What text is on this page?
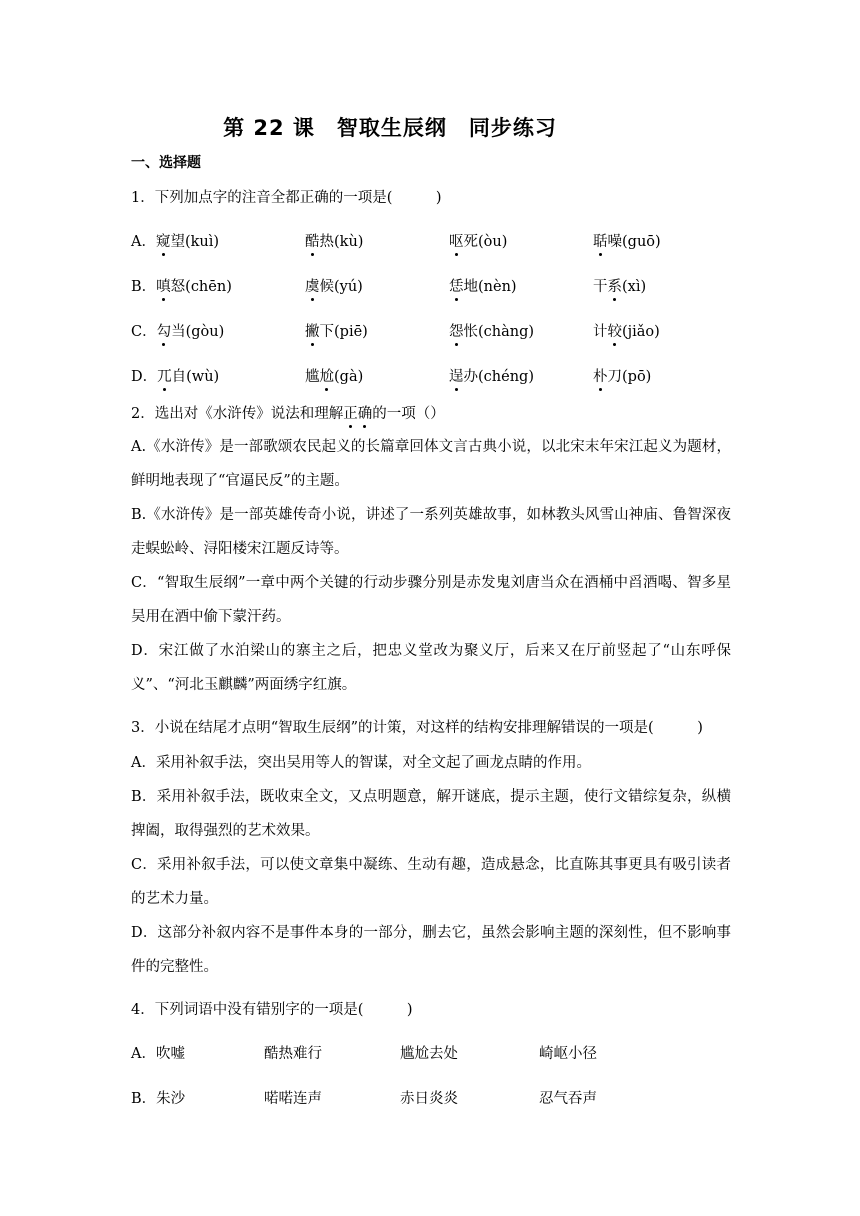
第 22 课　智取生辰纲　同步练习
一、选择题
1．下列加点字的注音全都正确的一项是(　　　)
A．窥望(kuì)	酷热(kù)	呕死(òu)	聒噪(guō)
B．嗔怒(chēn)	虞候(yú)	恁地(nèn)	干系(xì)
C．勾当(gòu)	撇下(piē)	怨怅(chàng)	计较(jiǎo)
D．兀自(wù)	尴尬(gà)	逞办(chéng)	朴刀(pō)
2．选出对《水浒传》说法和理解正确的一项（）
A.《水浒传》是一部歌颂农民起义的长篇章回体文言古典小说，以北宋末年宋江起义为题材，鲜明地表现了“官逼民反”的主题。
B.《水浒传》是一部英雄传奇小说，讲述了一系列英雄故事，如林教头风雪山神庙、鲁智深夜走蜈蚣岭、浔阳楼宋江题反诗等。
C．“智取生辰纲”一章中两个关键的行动步骤分别是赤发鬼刘唐当众在酒桶中舀酒喝、智多星吴用在酒中偷下蒙汗药。
D．宋江做了水泊梁山的寨主之后，把忠义堂改为聚义厅，后来又在厅前竖起了“山东呼保义”、“河北玉麒麟”两面绣字红旗。
3．小说在结尾才点明“智取生辰纲”的计策，对这样的结构安排理解错误的一项是(　　　)
A．采用补叙手法，突出吴用等人的智谋，对全文起了画龙点睛的作用。
B．采用补叙手法，既收束全文，又点明题意，解开谜底，提示主题，使行文错综复杂，纵横捭阖，取得强烈的艺术效果。
C．采用补叙手法，可以使文章集中凝练、生动有趣，造成悬念，比直陈其事更具有吸引读者的艺术力量。
D．这部分补叙内容不是事件本身的一部分，删去它，虽然会影响主题的深刻性，但不影响事件的完整性。
4．下列词语中没有错别字的一项是(　　　)
A．吹嘘	酷热难行	尴尬去处	崎岖小径
B．朱沙	喏喏连声	赤日炎炎	忍气吞声
